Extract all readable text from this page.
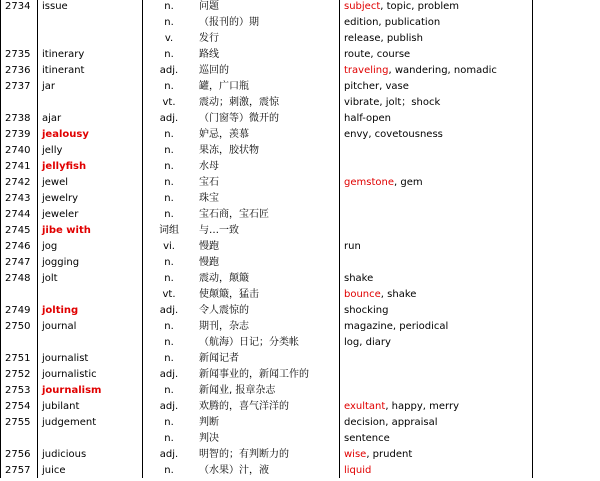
2734	issue	n.	问题	subject, topic, problem
		n.	（报刊的）期	edition, publication
		v.	发行	release, publish
2735	itinerary	n.	路线	route, course
2736	itinerant	adj.	巡回的	traveling, wandering, nomadic
2737	jar	n.	罐，广口瓶	pitcher, vase
		vt.	震动；刺激，震惊	vibrate, jolt；shock
2738	ajar	adj.	（门窗等）微开的	half-open
2739	jealousy	n.	妒忌，羡慕	envy, covetousness
2740	jelly	n.	果冻，胶状物	
2741	jellyfish	n.	水母	
2742	jewel	n.	宝石	gemstone, gem
2743	jewelry	n.	珠宝	
2744	jeweler	n.	宝石商，宝石匠	
2745	jibe with	词组	与…一致	
2746	jog	vi.	慢跑	run
2747	jogging	n.	慢跑	
2748	jolt	n.	震动，颠簸	shake
		vt.	使颠簸，猛击	bounce, shake
2749	jolting	adj.	令人震惊的	shocking
2750	journal	n.	期刊，杂志	magazine, periodical
		n.	（航海）日记；分类帐	log, diary
2751	journalist	n.	新闻记者	
2752	journalistic	adj.	新闻事业的，新闻工作的	
2753	journalism	n.	新闻业, 报章杂志	
2754	jubilant	adj.	欢腾的，喜气洋洋的	exultant, happy, merry
2755	judgement	n.	判断	decision, appraisal
		n.	判决	sentence
2756	judicious	adj.	明智的；有判断力的	wise, prudent
2757	juice	n.	（水果）汁，液	liquid
